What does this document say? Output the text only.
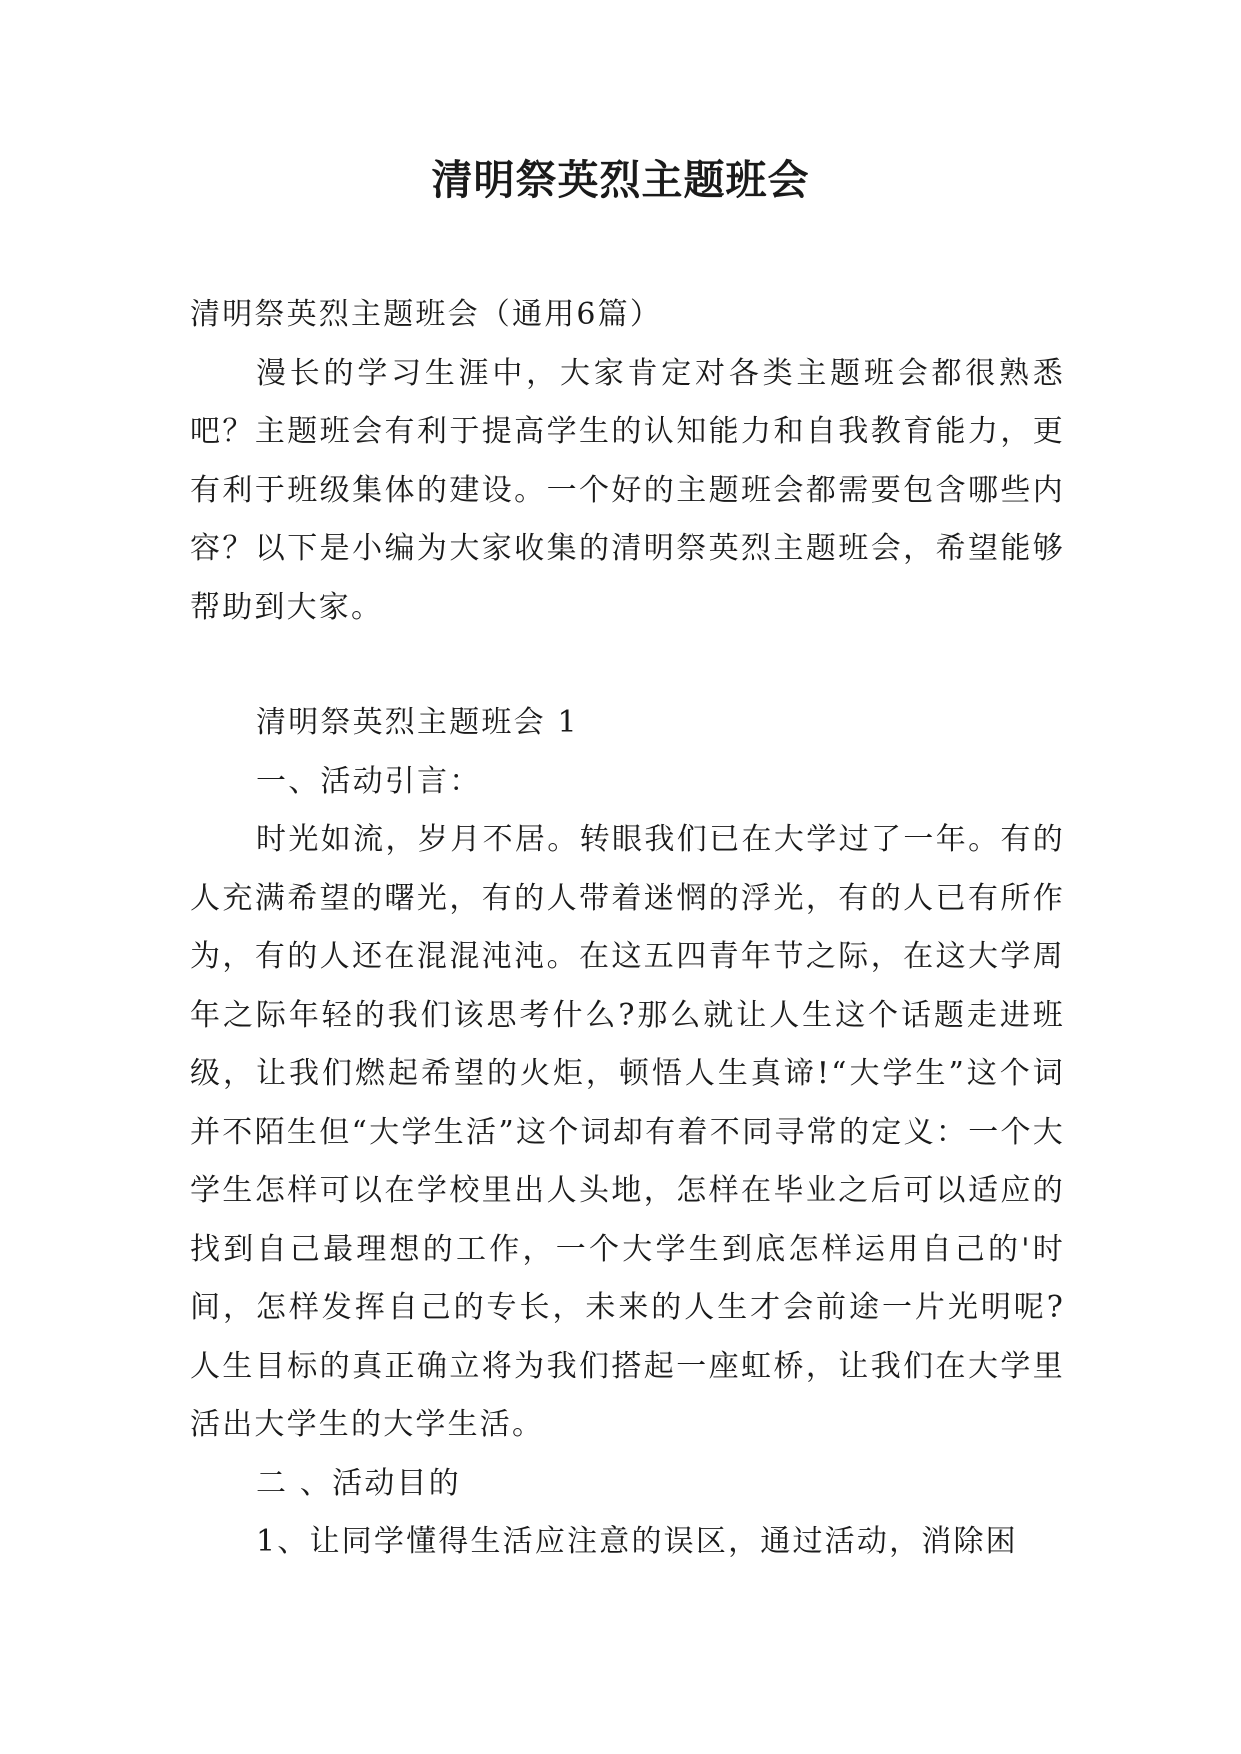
清明祭英烈主题班会

清明祭英烈主题班会（通用6篇）

漫长的学习生涯中，大家肯定对各类主题班会都很熟悉吧？主题班会有利于提高学生的认知能力和自我教育能力，更有利于班级集体的建设。一个好的主题班会都需要包含哪些内容？以下是小编为大家收集的清明祭英烈主题班会，希望能够帮助到大家。

清明祭英烈主题班会 1

一、活动引言：

时光如流，岁月不居。转眼我们已在大学过了一年。有的人充满希望的曙光，有的人带着迷惘的浮光，有的人已有所作为，有的人还在混混沌沌。在这五四青年节之际，在这大学周年之际年轻的我们该思考什么?那么就让人生这个话题走进班级，让我们燃起希望的火炬，顿悟人生真谛!“大学生”这个词并不陌生但“大学生活”这个词却有着不同寻常的定义：一个大学生怎样可以在学校里出人头地，怎样在毕业之后可以适应的找到自己最理想的工作，一个大学生到底怎样运用自己的'时间，怎样发挥自己的专长，未来的人生才会前途一片光明呢?人生目标的真正确立将为我们搭起一座虹桥，让我们在大学里活出大学生的大学生活。

二 、活动目的

1、让同学懂得生活应注意的误区，通过活动，消除困
